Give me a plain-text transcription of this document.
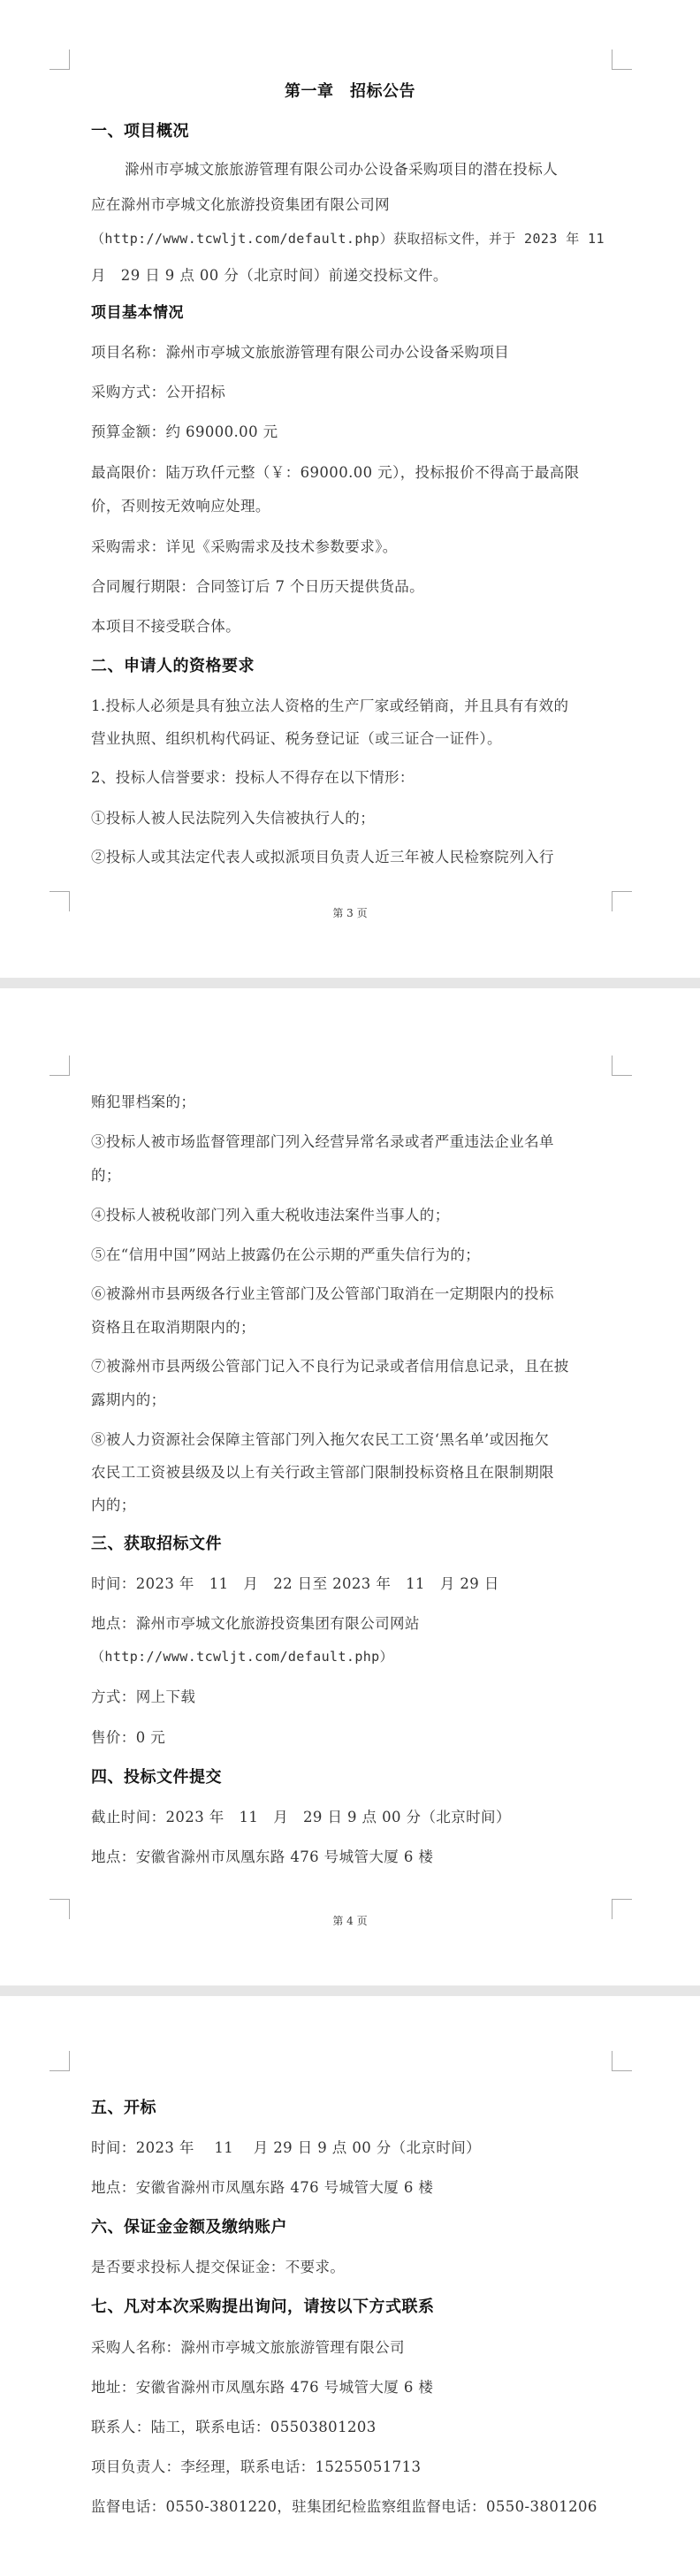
第一章　招标公告
一、项目概况
滁州市亭城文旅旅游管理有限公司办公设备采购项目的潜在投标人
应在滁州市亭城文化旅游投资集团有限公司网
（http://www.tcwljt.com/default.php）获取招标文件，并于 2023 年 11
月　29 日 9 点 00 分（北京时间）前递交投标文件。
项目基本情况
项目名称：滁州市亭城文旅旅游管理有限公司办公设备采购项目
采购方式：公开招标
预算金额：约 69000.00 元
最高限价：陆万玖仟元整（￥：69000.00 元），投标报价不得高于最高限
价，否则按无效响应处理。
采购需求：详见《采购需求及技术参数要求》。
合同履行期限：合同签订后 7 个日历天提供货品。
本项目不接受联合体。
二、申请人的资格要求
1.投标人必须是具有独立法人资格的生产厂家或经销商，并且具有有效的
营业执照、组织机构代码证、税务登记证（或三证合一证件）。
2、投标人信誉要求：投标人不得存在以下情形：
①投标人被人民法院列入失信被执行人的；
②投标人或其法定代表人或拟派项目负责人近三年被人民检察院列入行
第 3 页
贿犯罪档案的；
③投标人被市场监督管理部门列入经营异常名录或者严重违法企业名单
的；
④投标人被税收部门列入重大税收违法案件当事人的；
⑤在“信用中国”网站上披露仍在公示期的严重失信行为的；
⑥被滁州市县两级各行业主管部门及公管部门取消在一定期限内的投标
资格且在取消期限内的；
⑦被滁州市县两级公管部门记入不良行为记录或者信用信息记录，且在披
露期内的；
⑧被人力资源社会保障主管部门列入拖欠农民工工资‘黑名单’或因拖欠
农民工工资被县级及以上有关行政主管部门限制投标资格且在限制期限
内的；
三、获取招标文件
时间：2023 年　11　月　22 日至 2023 年　11　月 29 日
地点：滁州市亭城文化旅游投资集团有限公司网站
（http://www.tcwljt.com/default.php）
方式：网上下载
售价：0 元
四、投标文件提交
截止时间：2023 年　11　月　29 日 9 点 00 分（北京时间）
地点：安徽省滁州市凤凰东路 476 号城管大厦 6 楼
第 4 页
五、开标
时间：2023 年　 11　 月 29 日 9 点 00 分（北京时间）
地点：安徽省滁州市凤凰东路 476 号城管大厦 6 楼
六、保证金金额及缴纳账户
是否要求投标人提交保证金：不要求。
七、凡对本次采购提出询问，请按以下方式联系
采购人名称：滁州市亭城文旅旅游管理有限公司
地址：安徽省滁州市凤凰东路 476 号城管大厦 6 楼
联系人：陆工，联系电话：05503801203
项目负责人：李经理，联系电话：15255051713
监督电话：0550-3801220，驻集团纪检监察组监督电话：0550-3801206
